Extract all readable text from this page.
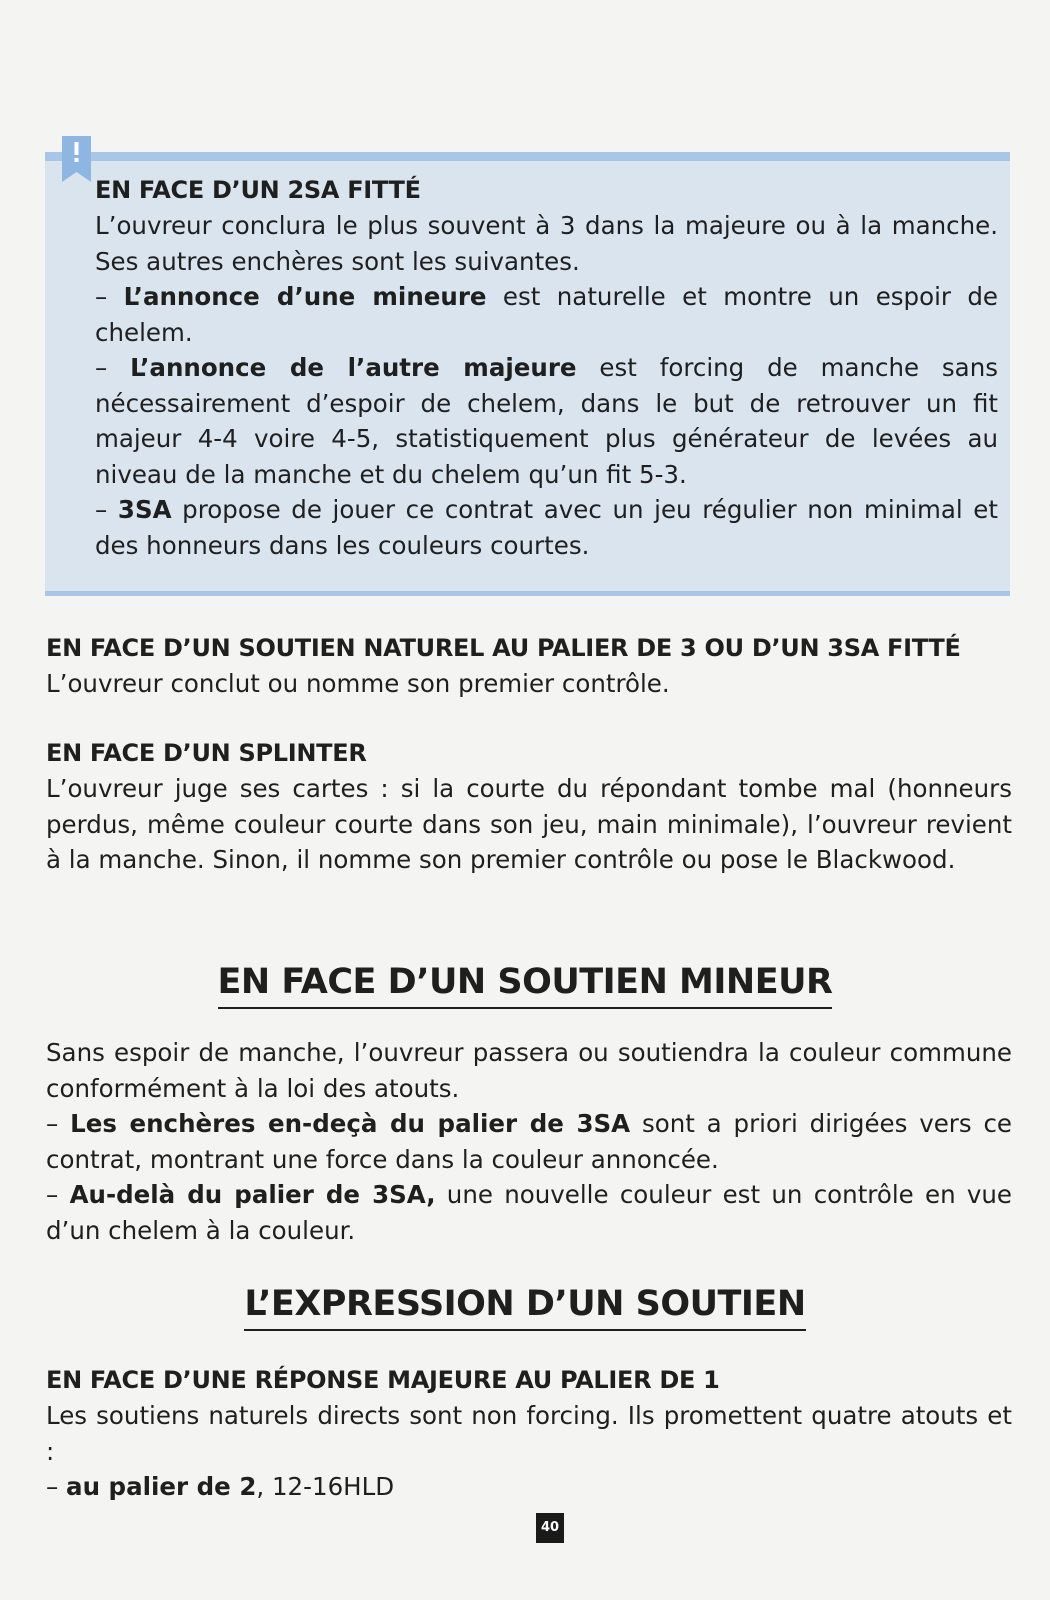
EN FACE D’UN 2SA FITTÉ

L’ouvreur conclura le plus souvent à 3 dans la majeure ou à la manche. Ses autres enchères sont les suivantes.

– L’annonce d’une mineure est naturelle et montre un espoir de chelem.

– L’annonce de l’autre majeure est forcing de manche sans nécessairement d’espoir de chelem, dans le but de retrouver un fit majeur 4-4 voire 4-5, statistiquement plus générateur de levées au niveau de la manche et du chelem qu’un fit 5-3.

– 3SA propose de jouer ce contrat avec un jeu régulier non minimal et des honneurs dans les couleurs courtes.

EN FACE D’UN SOUTIEN NATUREL AU PALIER DE 3 OU D’UN 3SA FITTÉ

L’ouvreur conclut ou nomme son premier contrôle.

EN FACE D’UN SPLINTER

L’ouvreur juge ses cartes : si la courte du répondant tombe mal (honneurs perdus, même couleur courte dans son jeu, main minimale), l’ouvreur revient à la manche. Sinon, il nomme son premier contrôle ou pose le Blackwood.

EN FACE D’UN SOUTIEN MINEUR

Sans espoir de manche, l’ouvreur passera ou soutiendra la couleur commune conformément à la loi des atouts.

– Les enchères en-deçà du palier de 3SA sont a priori dirigées vers ce contrat, montrant une force dans la couleur annoncée.

– Au-delà du palier de 3SA, une nouvelle couleur est un contrôle en vue d’un chelem à la couleur.

L’EXPRESSION D’UN SOUTIEN

EN FACE D’UNE RÉPONSE MAJEURE AU PALIER DE 1

Les soutiens naturels directs sont non forcing. Ils promettent quatre atouts et :

– au palier de 2, 12-16HLD

40
